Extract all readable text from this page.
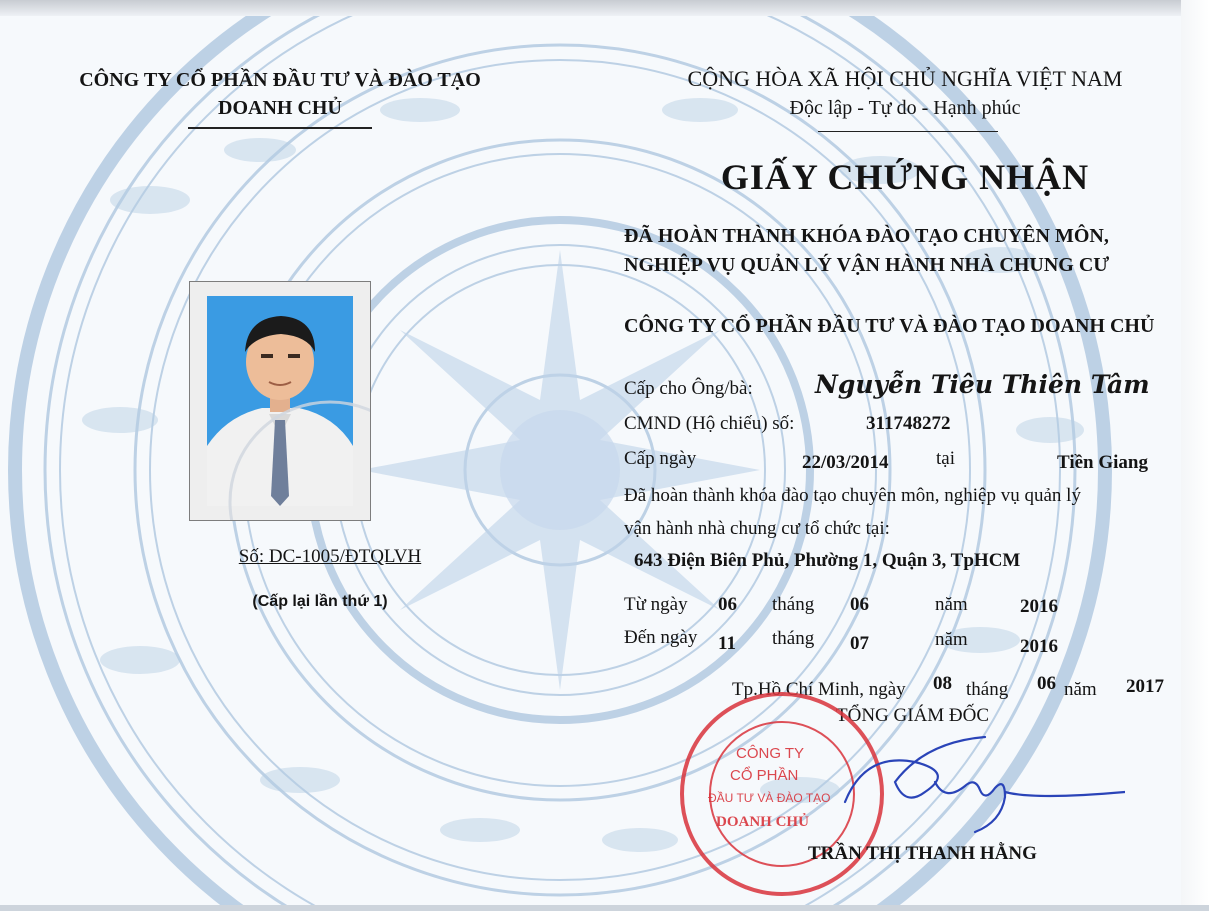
CÔNG TY CỔ PHẦN ĐẦU TƯ VÀ ĐÀO TẠO
DOANH CHỦ
CỘNG HÒA XÃ HỘI CHỦ NGHĨA VIỆT NAM
Độc lập - Tự do - Hạnh phúc
GIẤY CHỨNG NHẬN
ĐÃ HOÀN THÀNH KHÓA ĐÀO TẠO CHUYÊN MÔN,
NGHIỆP VỤ QUẢN LÝ VẬN HÀNH NHÀ CHUNG CƯ
CÔNG TY CỔ PHẦN ĐẦU TƯ VÀ ĐÀO TẠO DOANH CHỦ
Cấp cho Ông/bà: Nguyễn Tiêu Thiên Tâm
CMND (Hộ chiếu) số:	311748272
Cấp ngày	22/03/2014 tại	Tiền Giang
Đã hoàn thành khóa đào tạo chuyên môn, nghiệp vụ quản lý
vận hành nhà chung cư tổ chức tại:
643 Điện Biên Phủ, Phường 1, Quận 3, TpHCM
Từ ngày 06 tháng 06	năm	2016
Đến ngày 11 tháng 07	năm	2016
Số: DC-1005/ĐTQLVH
(Cấp lại lần thứ 1)
Tp.Hồ Chí Minh, ngày 08 tháng 06 năm 2017
TỔNG GIÁM ĐỐC
CÔNG TY
CỔ PHẦN
ĐẦU TƯ VÀ ĐÀO TẠO
DOANH CHỦ
TRẦN THỊ THANH HẰNG
